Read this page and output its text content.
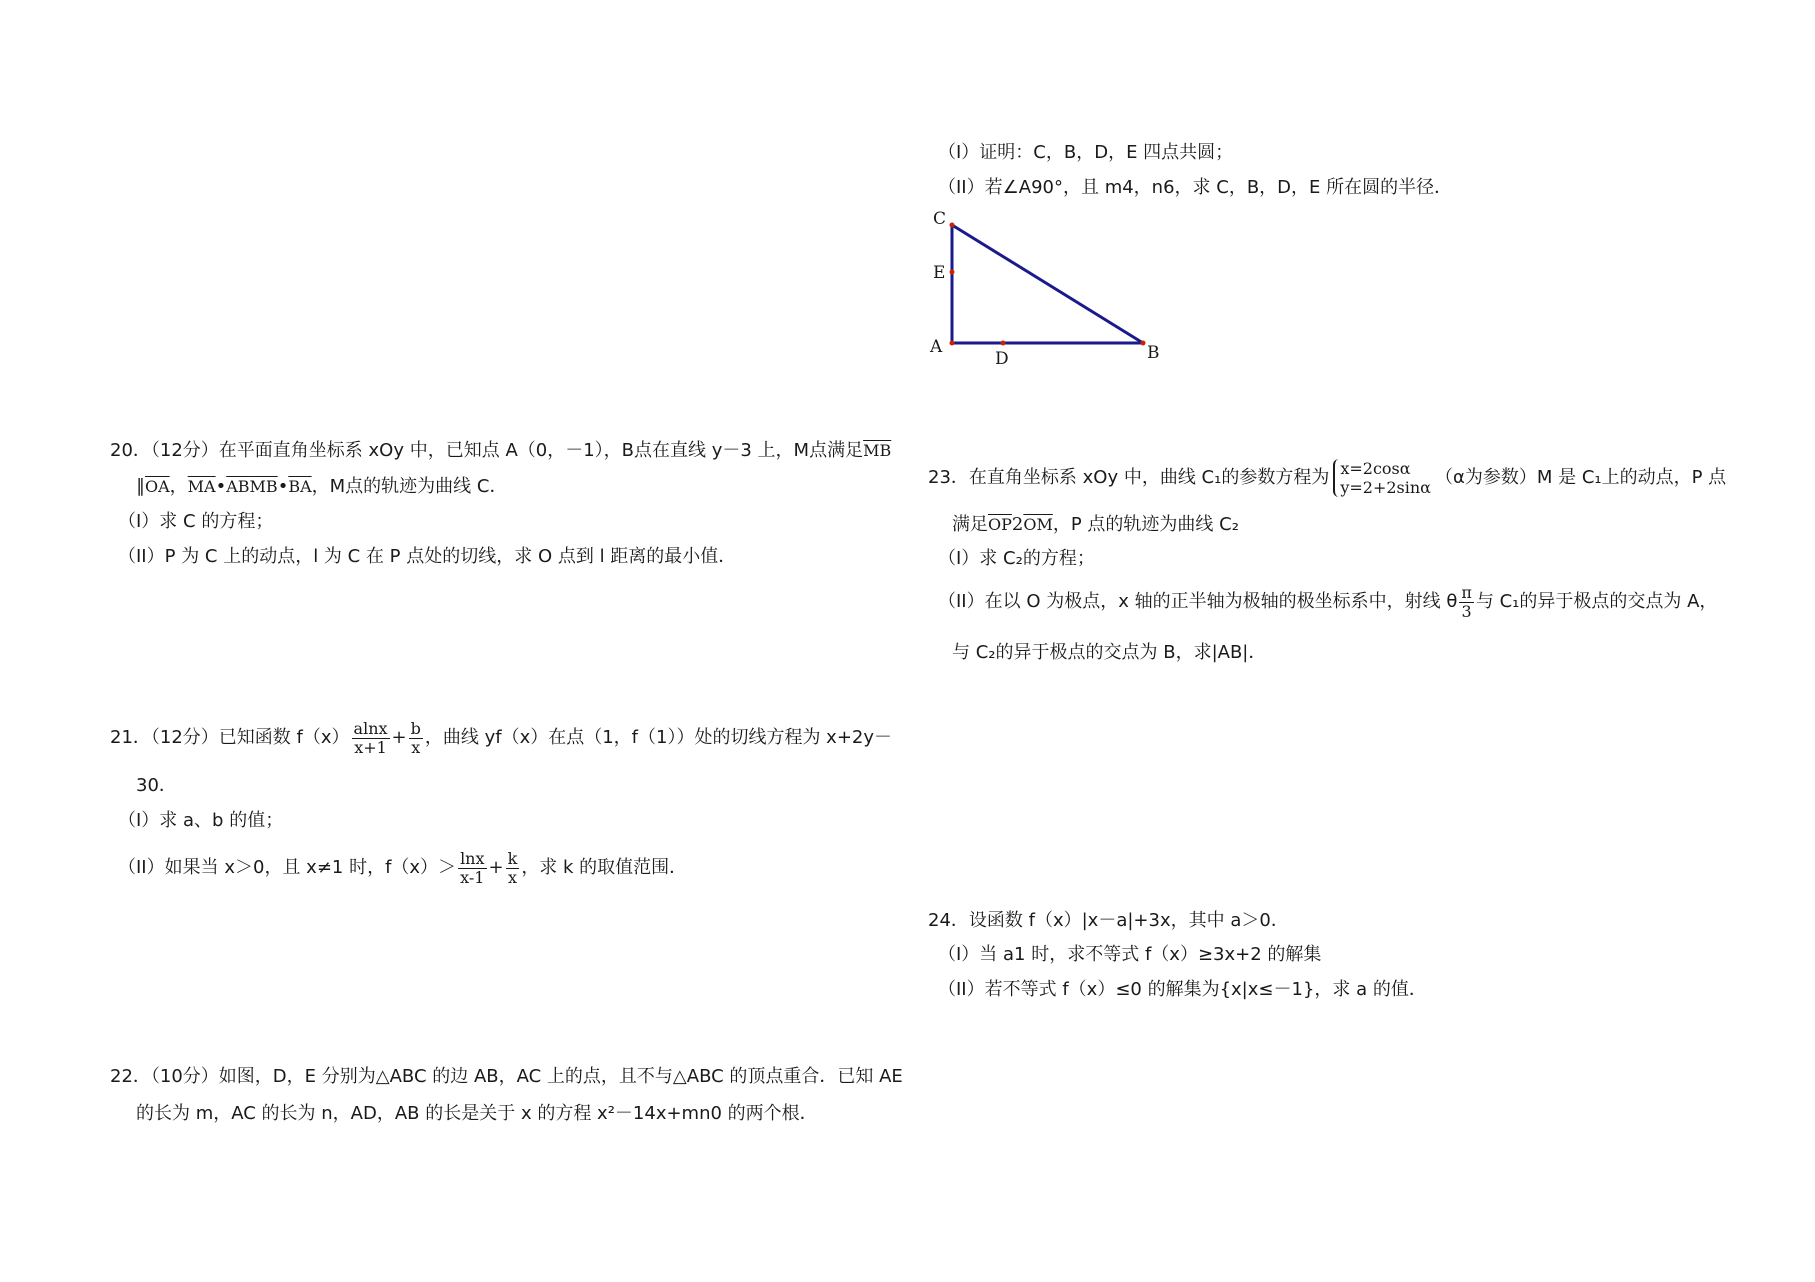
20．（12分）在平面直角坐标系 xOy 中，已知点 A（0，－1），B点在直线 y－3 上，M点满足$\overline{MB}$
$\parallel\overline{OA}$，$\overline{MA}•\overline{AB}\overline{MB}•\overline{BA}$，M点的轨迹为曲线 C．
（I）求 C 的方程；
（II）P 为 C 上的动点，l 为 C 在 P 点处的切线，求 O 点到 l 距离的最小值．
21．（12分）已知函数 $f(x) \frac{alnx}{x+1} + \frac{b}{x}$ ，曲线 yf（x）在点（1，f（1））处的切线方程为 x+2y－
30．
（I）求 a、b 的值；
（II）如果当 x＞0，且 x≠1 时，$f(x)> \frac{\ln x}{x-1} + \frac{k}{x}$ ，求 k 的取值范围．
22．（10分）如图，D，E 分别为△ABC 的边 AB，AC 上的点，且不与△ABC 的顶点重合．已知 AE
的长为 m，AC 的长为 n，AD，AB 的长是关于 x 的方程 x²－14x+mn0 的两个根．
（I）证明：C，B，D，E 四点共圆；
（II）若∠A90°，且 m4，n6，求 C，B，D，E 所在圆的半径．
C
E
A
D	B
23．在直角坐标系 xOy 中，曲线 C₁的参数方程为 x=2cosα
y=2+2sinα （α为参数）M 是 C₁上的动点，P 点
满足$\overline{OP}2\overline{OM}$，P 点的轨迹为曲线 C₂
（I）求 C₂的方程；
（II）在以 O 为极点，x 轴的正半轴为极轴的极坐标系中，射线 θ $\frac{\pi}{3}$ 与 C₁的异于极点的交点为 A，
与 C₂的异于极点的交点为 B，求|AB|．
24．设函数 f（x）|x－a|+3x，其中 a＞0．
（I）当 a1 时，求不等式 f（x）≥3x+2 的解集
（II）若不等式 f（x）≤0 的解集为{x|x≤－1}，求 a 的值．
